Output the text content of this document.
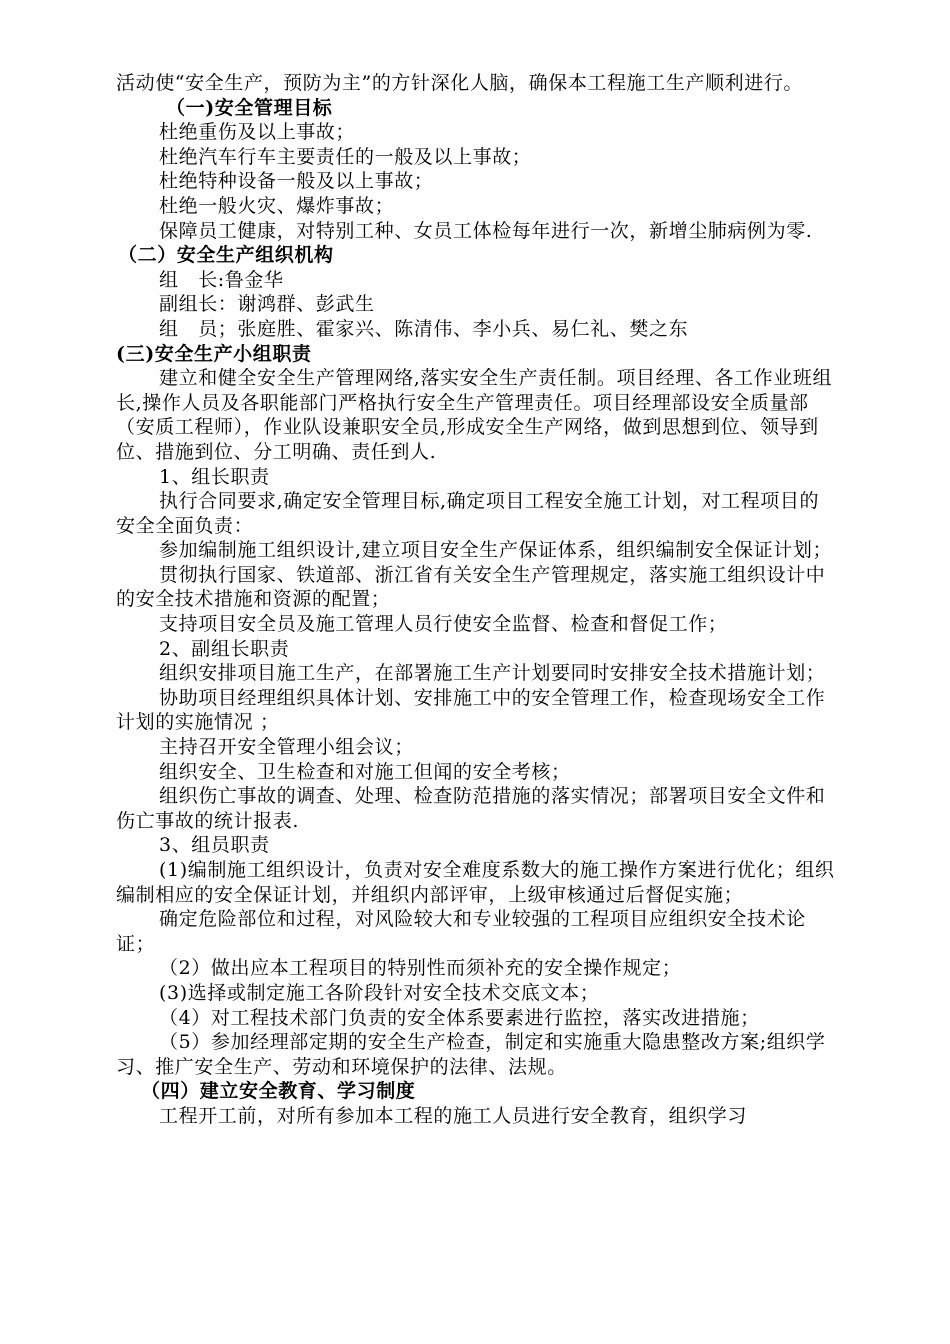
活动使“安全生产，预防为主”的方针深化人脑，确保本工程施工生产顺利进行。

（一)安全管理目标

杜绝重伤及以上事故；

杜绝汽车行车主要责任的一般及以上事故；

杜绝特种设备一般及以上事故；

杜绝一般火灾、爆炸事故；

保障员工健康，对特别工种、女员工体检每年进行一次，新增尘肺病例为零.

（二）安全生产组织机构

组　长:鲁金华

副组长：谢鸿群、彭武生

组　员；张庭胜、霍家兴、陈清伟、李小兵、易仁礼、樊之东

(三)安全生产小组职责

建立和健全安全生产管理网络,落实安全生产责任制。项目经理、各工作业班组长,操作人员及各职能部门严格执行安全生产管理责任。项目经理部设安全质量部（安质工程师），作业队设兼职安全员,形成安全生产网络，做到思想到位、领导到位、措施到位、分工明确、责任到人.

1、组长职责

执行合同要求,确定安全管理目标,确定项目工程安全施工计划，对工程项目的安全全面负责：

参加编制施工组织设计,建立项目安全生产保证体系，组织编制安全保证计划；

贯彻执行国家、铁道部、浙江省有关安全生产管理规定，落实施工组织设计中的安全技术措施和资源的配置；

支持项目安全员及施工管理人员行使安全监督、检查和督促工作；

2、副组长职责

组织安排项目施工生产，在部署施工生产计划要同时安排安全技术措施计划；

协助项目经理组织具体计划、安排施工中的安全管理工作，检查现场安全工作计划的实施情况 ；

主持召开安全管理小组会议；

组织安全、卫生检查和对施工但闻的安全考核；

组织伤亡事故的调查、处理、检查防范措施的落实情况；部署项目安全文件和伤亡事故的统计报表.

3、组员职责

(1)编制施工组织设计，负责对安全难度系数大的施工操作方案进行优化；组织编制相应的安全保证计划，并组织内部评审，上级审核通过后督促实施；

确定危险部位和过程，对风险较大和专业较强的工程项目应组织安全技术论证；

（2）做出应本工程项目的特别性而须补充的安全操作规定；

(3)选择或制定施工各阶段针对安全技术交底文本；

（4）对工程技术部门负责的安全体系要素进行监控，落实改进措施；

（5）参加经理部定期的安全生产检查，制定和实施重大隐患整改方案;组织学习、推广安全生产、劳动和环境保护的法律、法规。

（四）建立安全教育、学习制度

工程开工前，对所有参加本工程的施工人员进行安全教育，组织学习
